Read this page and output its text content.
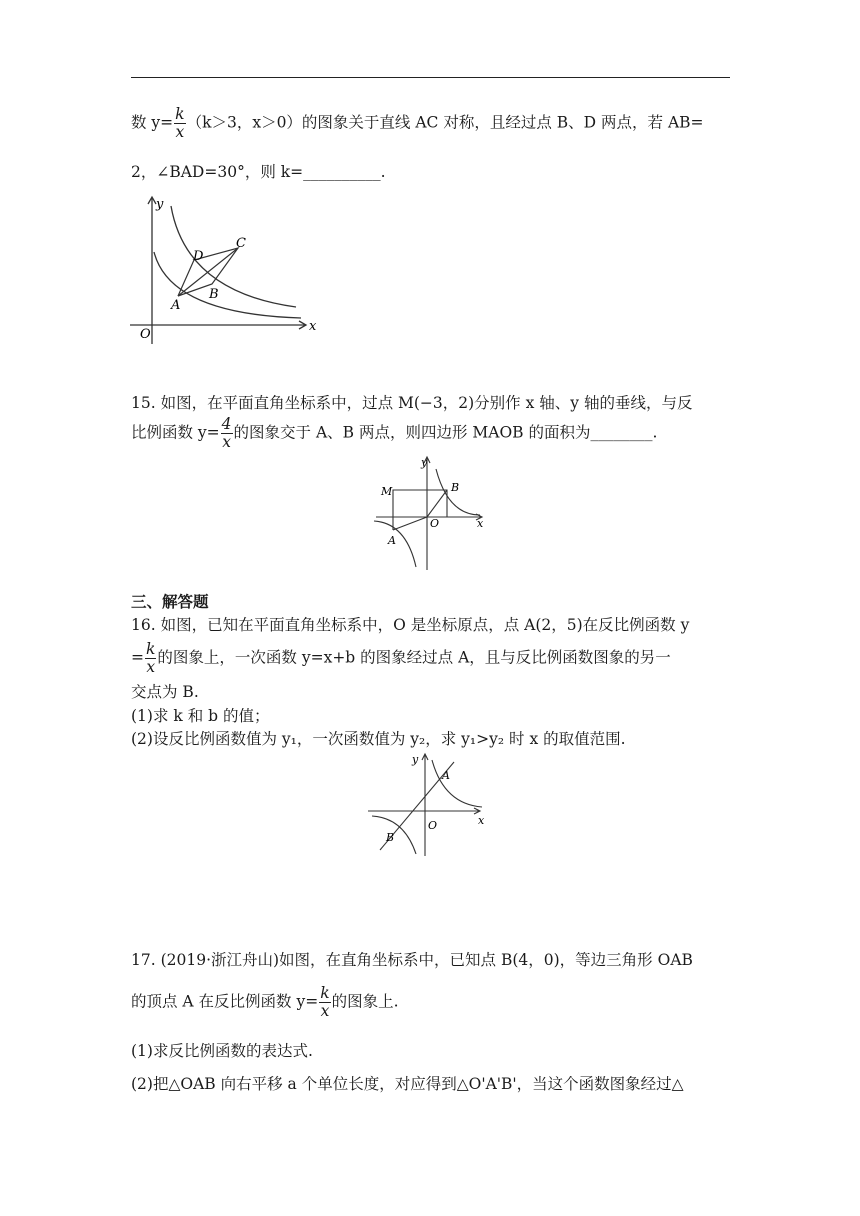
数 $y= \frac{k}{x} (k>3$，x＞0）的图象关于直线 AC 对称，且经过点 B、D 两点，若 AB=
2，∠BAD=30°，则 k=__________.
y
x
O
A
B
C
D
15. 如图，在平面直角坐标系中，过点 M(−3，2)分别作 x 轴、y 轴的垂线，与反
比例函数 $y= \frac{4}{x}$ 的图象交于 A、B 两点，则四边形 MAOB 的面积为________.
y
x
O
M
A
B
三、解答题
16. 如图，已知在平面直角坐标系中，O 是坐标原点，点 A(2，5)在反比例函数 y
= $\frac{k}{x}$ 的图象上，一次函数 y=x+b 的图象经过点 A，且与反比例函数图象的另一
交点为 B.
(1)求 k 和 b 的值；
(2)设反比例函数值为 y₁，一次函数值为 y₂，求 y₁>y₂ 时 x 的取值范围.
y
x
O
A
B
17. (2019·浙江舟山)如图，在直角坐标系中，已知点 B(4，0)，等边三角形 OAB
的顶点 A 在反比例函数 $y= \frac{k}{x}$ 的图象上.
(1)求反比例函数的表达式.
(2)把△OAB 向右平移 a 个单位长度，对应得到△O'A'B'，当这个函数图象经过△
